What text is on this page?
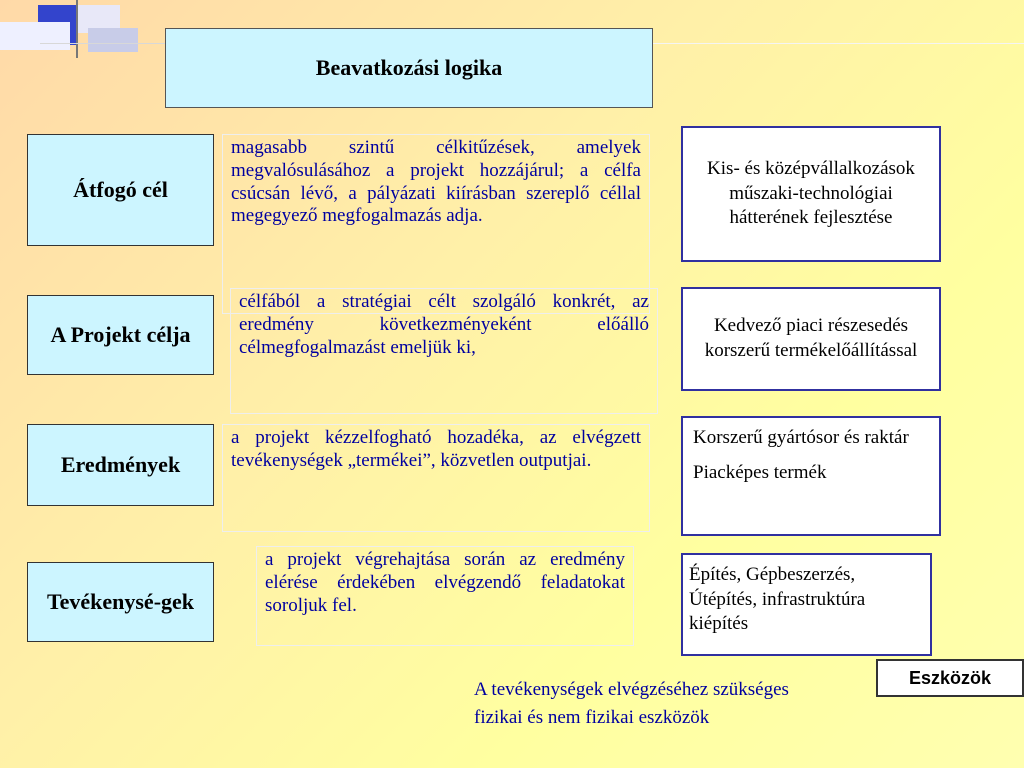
Beavatkozási logika
Átfogó cél
magasabb szintű célkitűzések, amelyek megvalósulásához a projekt hozzájárul; a célfa csúcsán lévő, a pályázati kiírásban szereplő céllal megegyező megfogalmazás adja.
Kis- és középvállalkozások műszaki-technológiai hátterének fejlesztése
A Projekt célja
célfából a stratégiai célt szolgáló konkrét, az eredmény következményeként előálló célmegfogalmazást emeljük ki,
Kedvező piaci részesedés korszerű termékelőállítással
Eredmények
a projekt kézzelfogható hozadéka, az elvégzett tevékenységek „termékei”, közvetlen outputjai.
Korszerű gyártósor és raktár
Piacképes termék
Tevékenysé-gek
a projekt végrehajtása során az eredmény elérése érdekében elvégzendő feladatokat soroljuk fel.
Építés, Gépbeszerzés, Útépítés, infrastruktúra kiépítés
Eszközök
A tevékenységek elvégzéséhez szükséges fizikai és nem fizikai eszközök
